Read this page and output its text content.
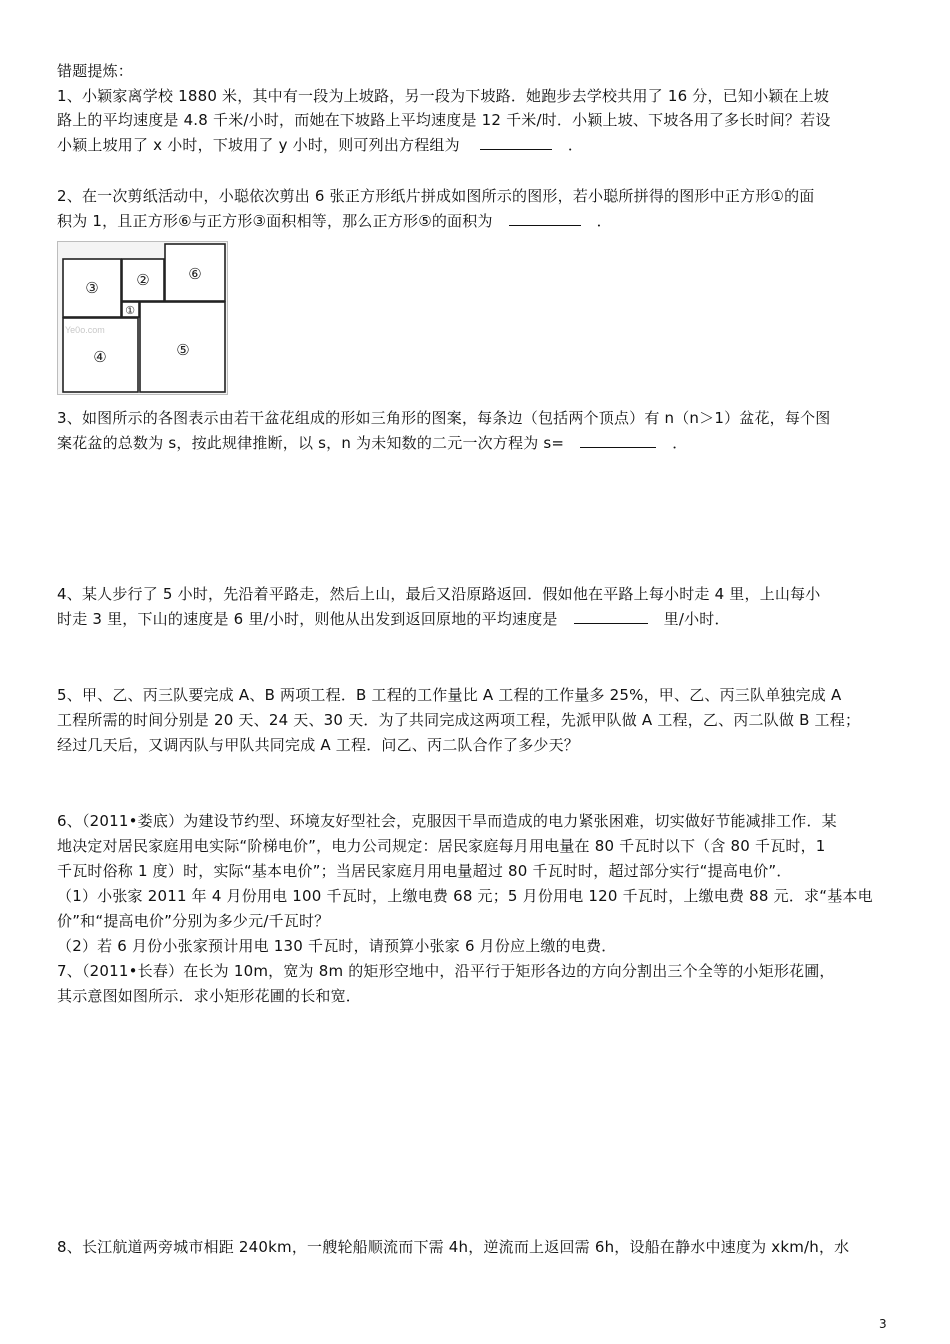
错题提炼：
1、小颖家离学校 1880 米，其中有一段为上坡路，另一段为下坡路．她跑步去学校共用了 16 分，已知小颖在上坡
路上的平均速度是 4.8 千米/小时，而她在下坡路上平均速度是 12 千米/时．小颖上坡、下坡各用了多长时间？若设
小颖上坡用了 x 小时，下坡用了 y 小时，则可列出方程组为	．
2、在一次剪纸活动中，小聪依次剪出 6 张正方形纸片拼成如图所示的图形，若小聪所拼得的图形中正方形①的面
积为 1，且正方形⑥与正方形③面积相等，那么正方形⑤的面积为	．
Ye0o.com
③	②	⑥
①
④	⑤
3、如图所示的各图表示由若干盆花组成的形如三角形的图案，每条边（包括两个顶点）有 n（n＞1）盆花，每个图
案花盆的总数为 s，按此规律推断，以 s，n 为未知数的二元一次方程为 s=	．
4、某人步行了 5 小时，先沿着平路走，然后上山，最后又沿原路返回．假如他在平路上每小时走 4 里，上山每小
时走 3 里，下山的速度是 6 里/小时，则他从出发到返回原地的平均速度是	里/小时．
5、甲、乙、丙三队要完成 A、B 两项工程．B 工程的工作量比 A 工程的工作量多 25%，甲、乙、丙三队单独完成 A
工程所需的时间分别是 20 天、24 天、30 天．为了共同完成这两项工程，先派甲队做 A 工程，乙、丙二队做 B 工程；
经过几天后，又调丙队与甲队共同完成 A 工程．问乙、丙二队合作了多少天？
6、（2011•娄底）为建设节约型、环境友好型社会，克服因干旱而造成的电力紧张困难，切实做好节能减排工作．某
地决定对居民家庭用电实际“阶梯电价”，电力公司规定：居民家庭每月用电量在 80 千瓦时以下（含 80 千瓦时，1
千瓦时俗称 1 度）时，实际“基本电价”；当居民家庭月用电量超过 80 千瓦时时，超过部分实行“提高电价”．
（1）小张家 2011 年 4 月份用电 100 千瓦时，上缴电费 68 元；5 月份用电 120 千瓦时，上缴电费 88 元．求“基本电
价”和“提高电价”分别为多少元/千瓦时？
（2）若 6 月份小张家预计用电 130 千瓦时，请预算小张家 6 月份应上缴的电费．
7、（2011•长春）在长为 10m，宽为 8m 的矩形空地中，沿平行于矩形各边的方向分割出三个全等的小矩形花圃，
其示意图如图所示．求小矩形花圃的长和宽．
8、长江航道两旁城市相距 240km，一艘轮船顺流而下需 4h，逆流而上返回需 6h，设船在静水中速度为 xkm/h，水
3
